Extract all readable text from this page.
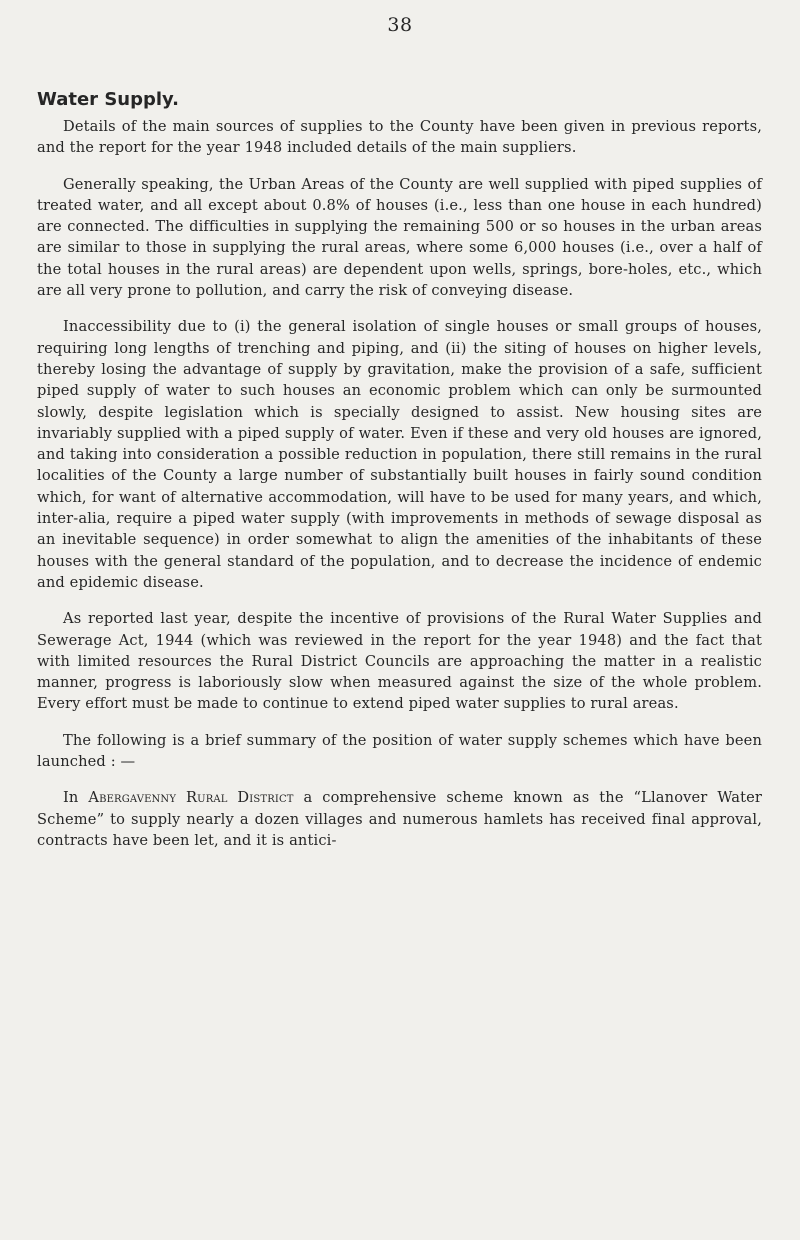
38
Water Supply.

Details of the main sources of supplies to the County have been given in previous reports, and the report for the year 1948 included details of the main suppliers.

Generally speaking, the Urban Areas of the County are well supplied with piped supplies of treated water, and all except about 0.8% of houses (i.e., less than one house in each hundred) are connected. The difficulties in supplying the remaining 500 or so houses in the urban areas are similar to those in supplying the rural areas, where some 6,000 houses (i.e., over a half of the total houses in the rural areas) are dependent upon wells, springs, bore-holes, etc., which are all very prone to pollution, and carry the risk of conveying disease.

Inaccessibility due to (i) the general isolation of single houses or small groups of houses, requiring long lengths of trenching and piping, and (ii) the siting of houses on higher levels, thereby losing the advantage of supply by gravitation, make the provision of a safe, sufficient piped supply of water to such houses an economic problem which can only be surmounted slowly, despite legislation which is specially designed to assist. New housing sites are invariably supplied with a piped supply of water. Even if these and very old houses are ignored, and taking into consideration a possible reduction in population, there still remains in the rural localities of the County a large number of substantially built houses in fairly sound condition which, for want of alternative accommodation, will have to be used for many years, and which, inter-alia, require a piped water supply (with improvements in methods of sewage disposal as an inevitable sequence) in order somewhat to align the amenities of the inhabitants of these houses with the general standard of the population, and to decrease the incidence of endemic and epidemic disease.

As reported last year, despite the incentive of provisions of the Rural Water Supplies and Sewerage Act, 1944 (which was reviewed in the report for the year 1948) and the fact that with limited resources the Rural District Councils are approaching the matter in a realistic manner, progress is laboriously slow when measured against the size of the whole problem. Every effort must be made to continue to extend piped water supplies to rural areas.

The following is a brief summary of the position of water supply schemes which have been launched : —

In Abergavenny Rural District a comprehensive scheme known as the “Llanover Water Scheme” to supply nearly a dozen villages and numerous hamlets has received final approval, contracts have been let, and it is antici-
